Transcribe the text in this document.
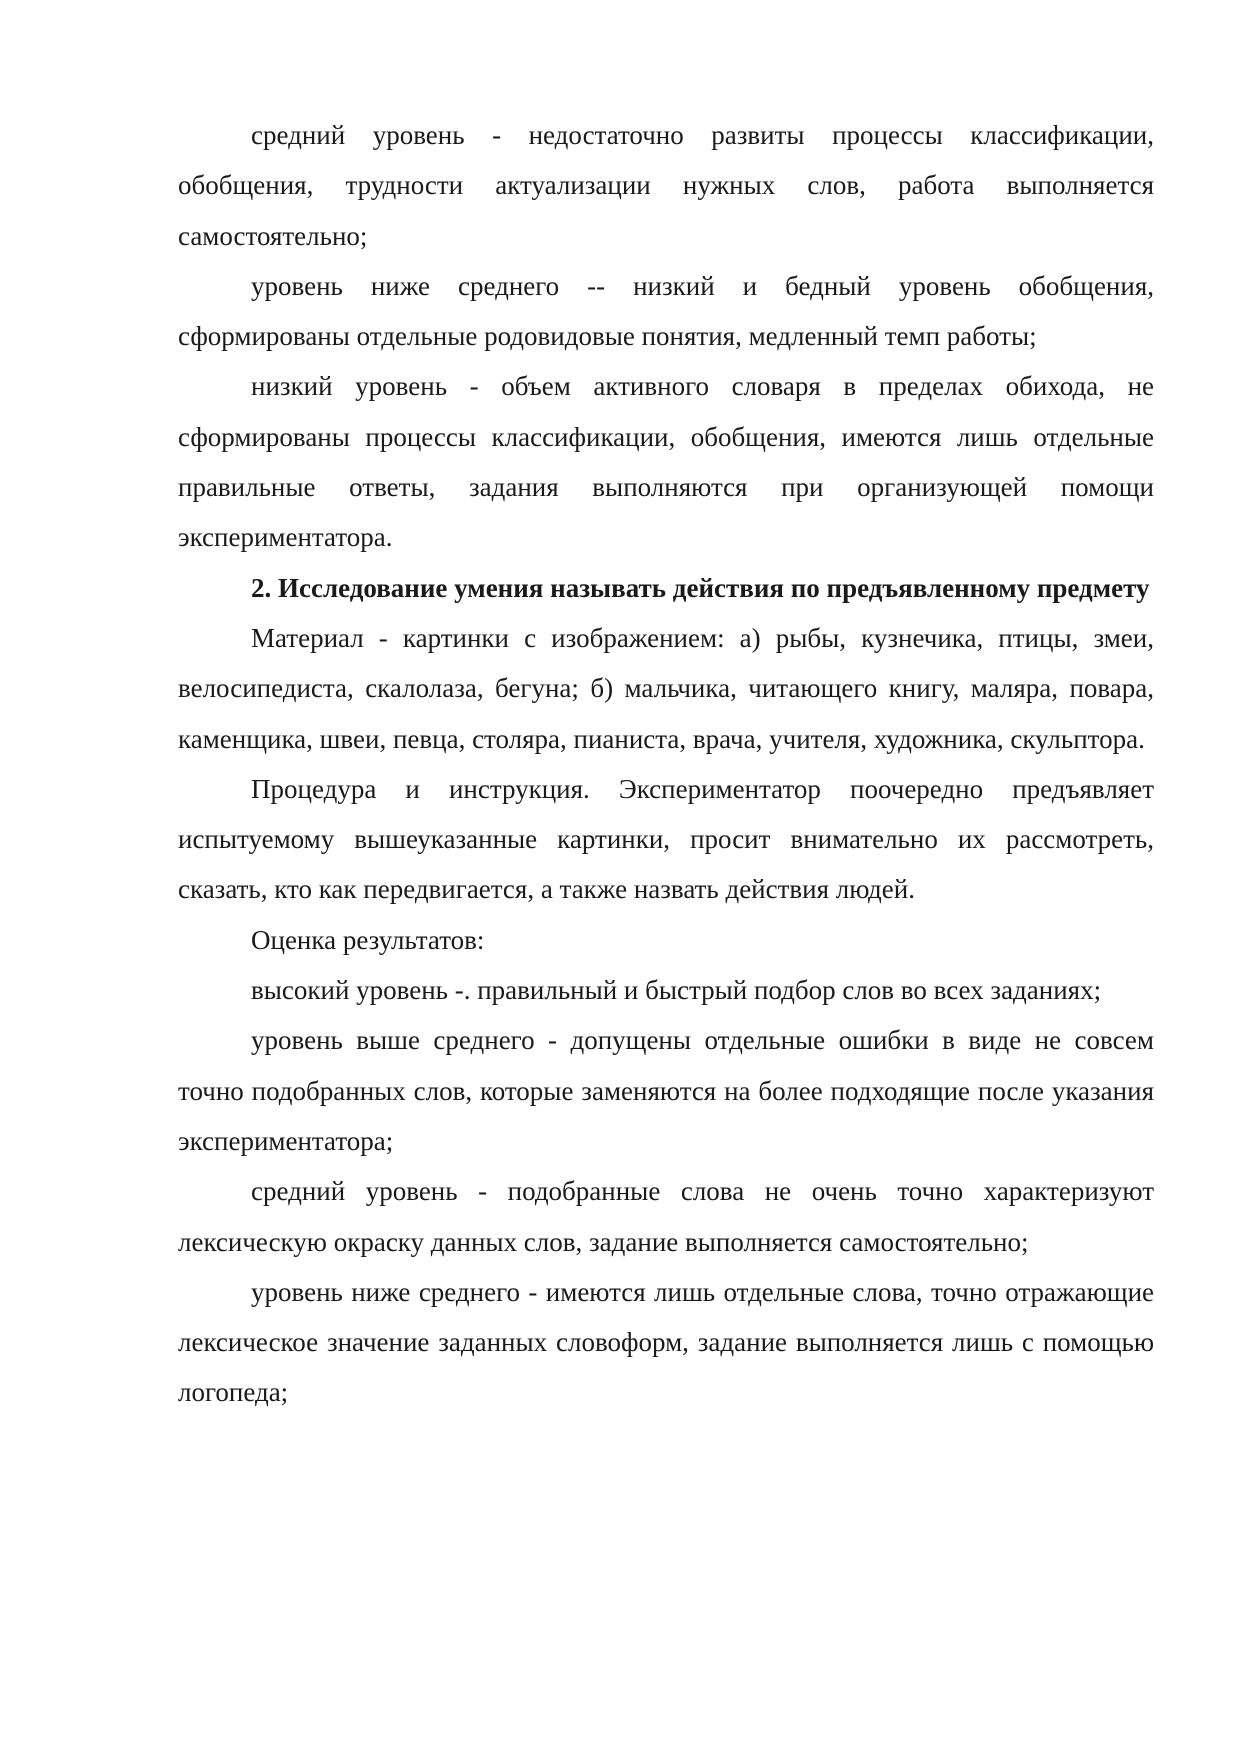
средний уровень - недостаточно развиты процессы классификации, обобщения, трудности актуализации нужных слов, работа выполняется самостоятельно;

уровень ниже среднего -- низкий и бедный уровень обобщения, сформированы отдельные родовидовые понятия, медленный темп работы;

низкий уровень - объем активного словаря в пределах обихода, не сформированы процессы классификации, обобщения, имеются лишь отдельные правильные ответы, задания выполняются при организующей помощи экспериментатора.

2. Исследование умения называть действия по предъявленному предмету

Материал - картинки с изображением: а) рыбы, кузнечика, птицы, змеи, велосипедиста, скалолаза, бегуна; б) мальчика, читающего книгу, маляра, повара, каменщика, швеи, певца, столяра, пианиста, врача, учителя, художника, скульптора.

Процедура и инструкция. Экспериментатор поочередно предъявляет испытуемому вышеуказанные картинки, просит внимательно их рассмотреть, сказать, кто как передвигается, а также назвать действия людей.

Оценка результатов:

высокий уровень -. правильный и быстрый подбор слов во всех заданиях;

уровень выше среднего - допущены отдельные ошибки в виде не совсем точно подобранных слов, которые заменяются на более подходящие после указания экспериментатора;

средний уровень - подобранные слова не очень точно характеризуют лексическую окраску данных слов, задание выполняется самостоятельно;

уровень ниже среднего - имеются лишь отдельные слова, точно отражающие лексическое значение заданных словоформ, задание выполняется лишь с помощью логопеда;
